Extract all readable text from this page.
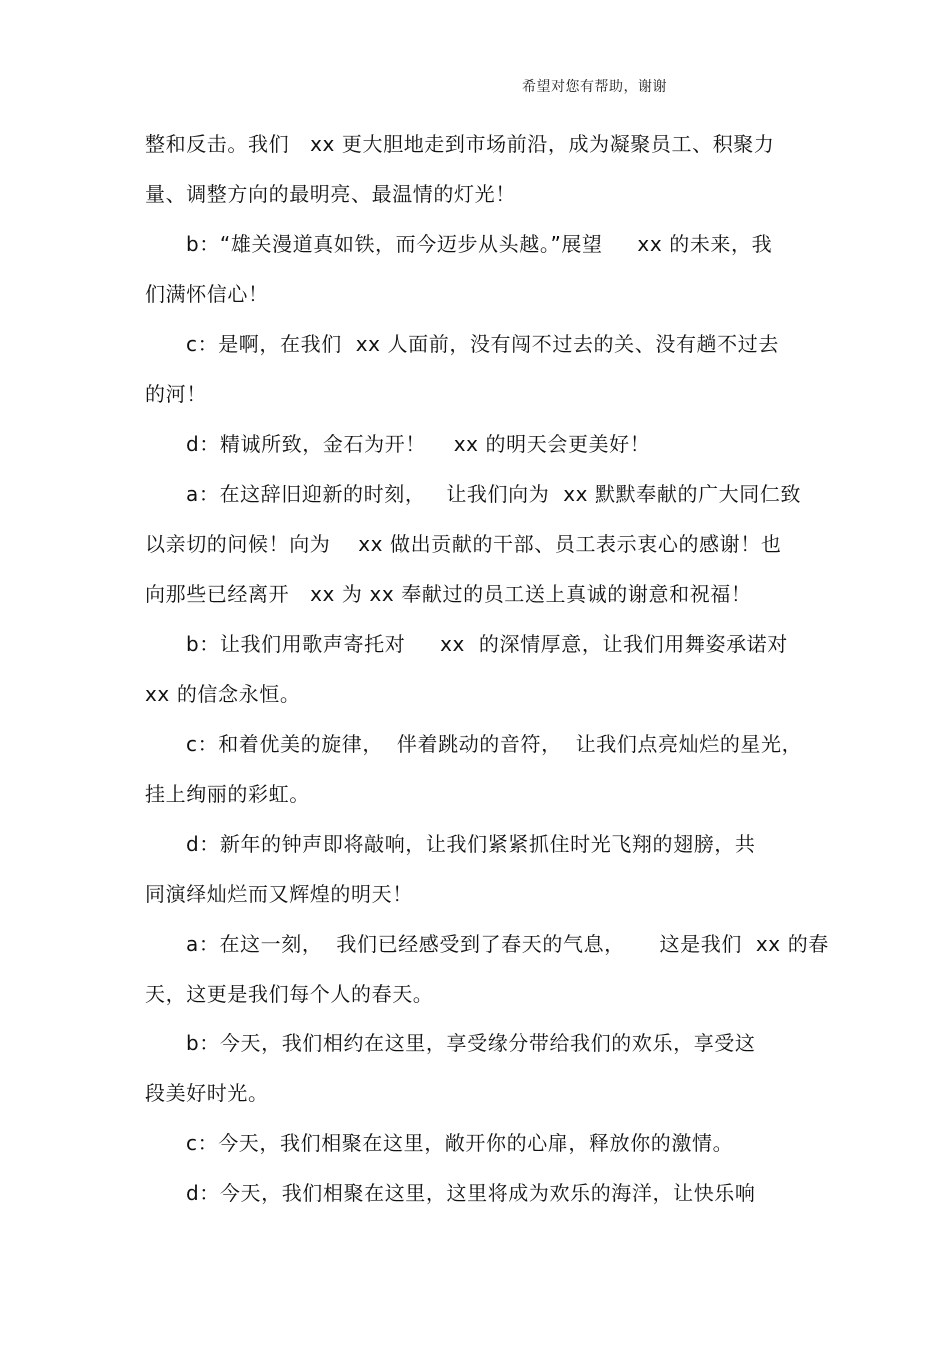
希望对您有帮助，谢谢
整和反击。我们   xx 更大胆地走到市场前沿，成为凝聚员工、积聚力
量、调整方向的最明亮、最温情的灯光！
b：“雄关漫道真如铁，而今迈步从头越。”展望     xx 的未来，我
们满怀信心！
c：是啊，在我们  xx 人面前，没有闯不过去的关、没有趟不过去
的河！
d：精诚所致，金石为开！    xx 的明天会更美好！
a：在这辞旧迎新的时刻，   让我们向为  xx 默默奉献的广大同仁致
以亲切的问候！向为    xx 做出贡献的干部、员工表示衷心的感谢！也
向那些已经离开   xx 为 xx 奉献过的员工送上真诚的谢意和祝福！
b：让我们用歌声寄托对     xx  的深情厚意，让我们用舞姿承诺对
xx 的信念永恒。
c：和着优美的旋律，  伴着跳动的音符，  让我们点亮灿烂的星光，
挂上绚丽的彩虹。
d：新年的钟声即将敲响，让我们紧紧抓住时光飞翔的翅膀，共
同演绎灿烂而又辉煌的明天！
a：在这一刻，  我们已经感受到了春天的气息，     这是我们  xx 的春
天，这更是我们每个人的春天。
b：今天，我们相约在这里，享受缘分带给我们的欢乐，享受这
段美好时光。
c：今天，我们相聚在这里，敞开你的心扉，释放你的激情。
d：今天，我们相聚在这里，这里将成为欢乐的海洋，让快乐响
